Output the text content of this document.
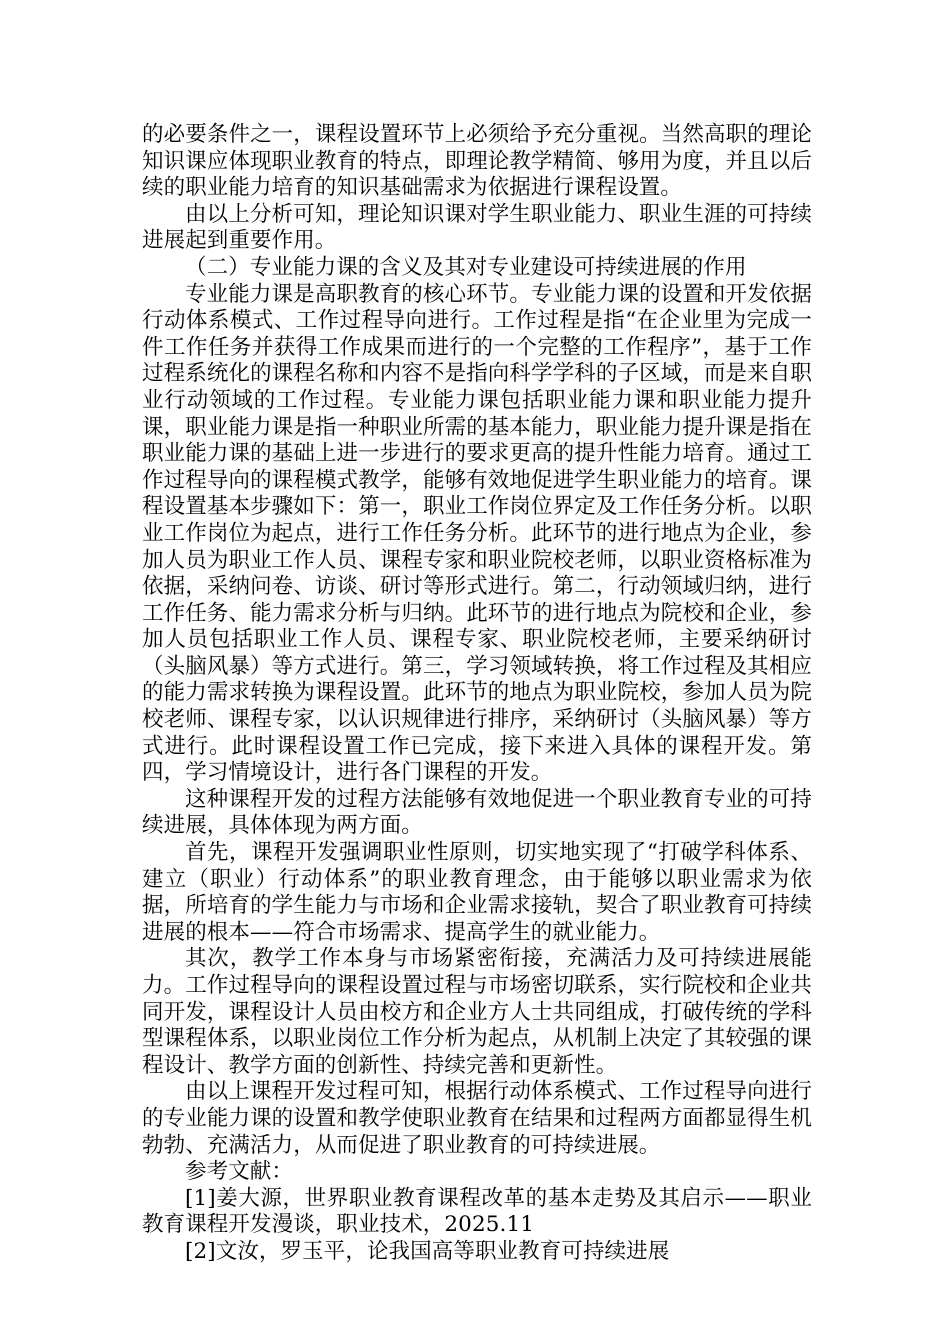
的必要条件之一，课程设置环节上必须给予充分重视。当然高职的理论知识课应体现职业教育的特点，即理论教学精简、够用为度，并且以后续的职业能力培育的知识基础需求为依据进行课程设置。

由以上分析可知，理论知识课对学生职业能力、职业生涯的可持续进展起到重要作用。

（二）专业能力课的含义及其对专业建设可持续进展的作用

专业能力课是高职教育的核心环节。专业能力课的设置和开发依据行动体系模式、工作过程导向进行。工作过程是指“在企业里为完成一件工作任务并获得工作成果而进行的一个完整的工作程序”，基于工作过程系统化的课程名称和内容不是指向科学学科的子区域，而是来自职业行动领域的工作过程。专业能力课包括职业能力课和职业能力提升课，职业能力课是指一种职业所需的基本能力，职业能力提升课是指在职业能力课的基础上进一步进行的要求更高的提升性能力培育。通过工作过程导向的课程模式教学，能够有效地促进学生职业能力的培育。课程设置基本步骤如下：第一，职业工作岗位界定及工作任务分析。以职业工作岗位为起点，进行工作任务分析。此环节的进行地点为企业，参加人员为职业工作人员、课程专家和职业院校老师，以职业资格标准为依据，采纳问卷、访谈、研讨等形式进行。第二，行动领域归纳，进行工作任务、能力需求分析与归纳。此环节的进行地点为院校和企业，参加人员包括职业工作人员、课程专家、职业院校老师，主要采纳研讨（头脑风暴）等方式进行。第三，学习领域转换，将工作过程及其相应的能力需求转换为课程设置。此环节的地点为职业院校，参加人员为院校老师、课程专家，以认识规律进行排序，采纳研讨（头脑风暴）等方式进行。此时课程设置工作已完成，接下来进入具体的课程开发。第四，学习情境设计，进行各门课程的开发。

这种课程开发的过程方法能够有效地促进一个职业教育专业的可持续进展，具体体现为两方面。

首先，课程开发强调职业性原则，切实地实现了“打破学科体系、建立（职业）行动体系”的职业教育理念，由于能够以职业需求为依据，所培育的学生能力与市场和企业需求接轨，契合了职业教育可持续进展的根本——符合市场需求、提高学生的就业能力。

其次，教学工作本身与市场紧密衔接，充满活力及可持续进展能力。工作过程导向的课程设置过程与市场密切联系，实行院校和企业共同开发，课程设计人员由校方和企业方人士共同组成，打破传统的学科型课程体系，以职业岗位工作分析为起点，从机制上决定了其较强的课程设计、教学方面的创新性、持续完善和更新性。

由以上课程开发过程可知，根据行动体系模式、工作过程导向进行的专业能力课的设置和教学使职业教育在结果和过程两方面都显得生机勃勃、充满活力，从而促进了职业教育的可持续进展。

参考文献：

[1]姜大源，世界职业教育课程改革的基本走势及其启示——职业教育课程开发漫谈，职业技术，2025.11

[2]文汝，罗玉平，论我国高等职业教育可持续进展
